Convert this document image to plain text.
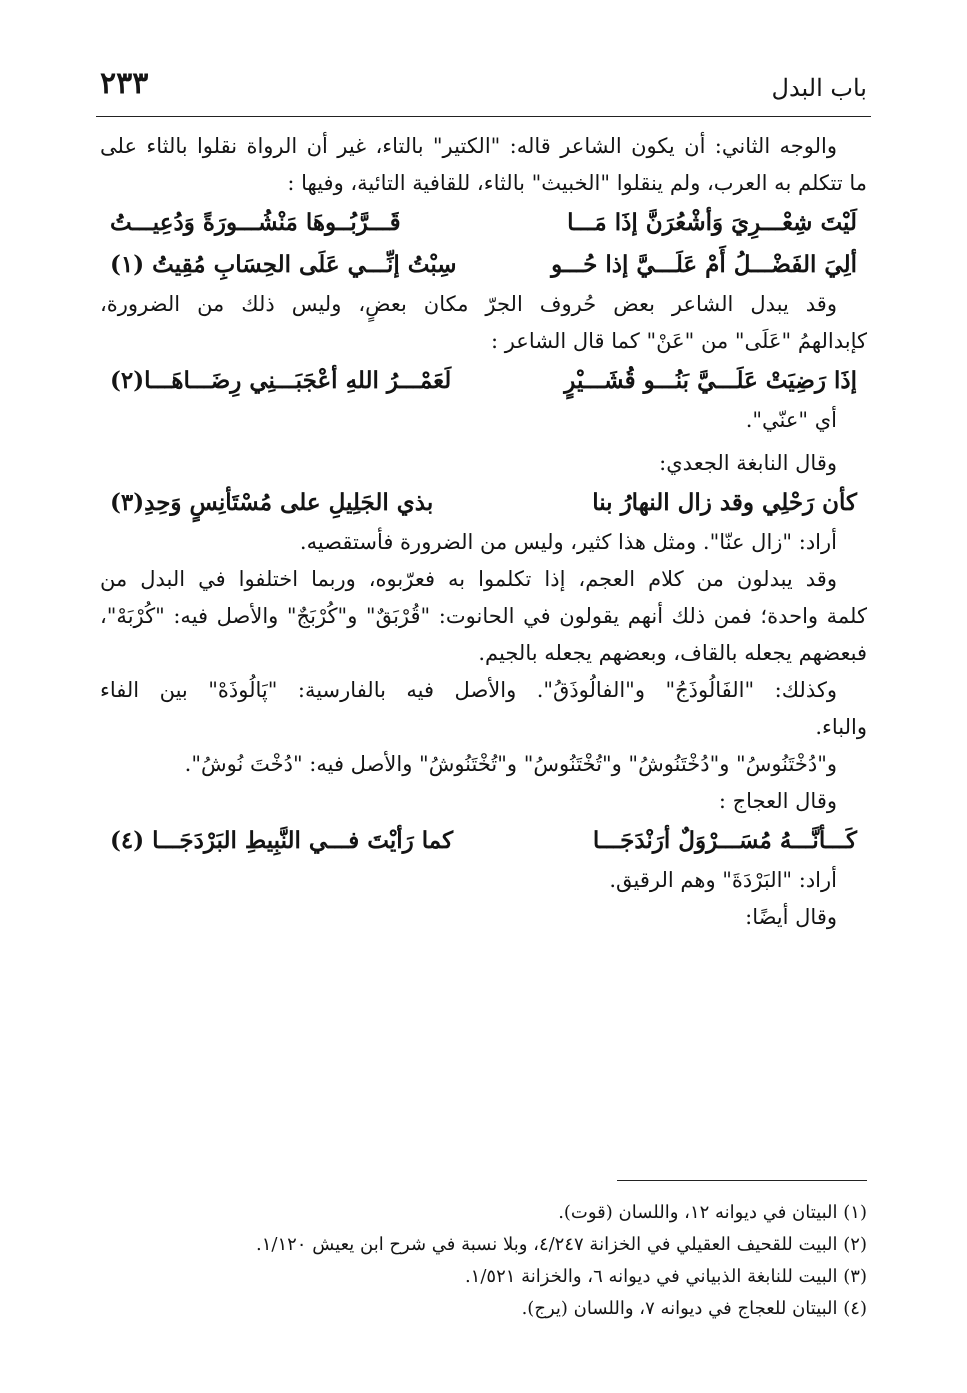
٢٣٣	باب البدل
والوجه الثاني: أن يكون الشاعر قاله: "الكتير" بالتاء، غير أن الرواة نقلوا بالثاء على
ما تتكلم به العرب، ولم ينقلوا "الخبيث" بالثاء، للقافية التائية، وفيها :
لَيْتَ شِعْـــرِيَ وَأشْعُرَنَّ إذَا مَـــا
قَـــرَّبُــوهَا مَنْشُـــورَةً وَدُعِيـــتُ
ألِيَ الفَضْـــلُ أَمْ عَلَـــيَّ إذا حُـــو
سِبْتُ إنِّـــي عَلَى الحِسَابِ مُقِيتُ (١)
وقد يبدل الشاعر بعض حُروف الجرّ مكان بعضٍ، وليس ذلك من الضرورة،
كإبدالهمُ "عَلَى" من "عَنْ" كما قال الشاعر :
إذَا رَضِيَتْ عَلَـــيَّ بَنُـــو قُشَـــيْرٍ
لَعَمْـــرُ اللهِ أعْجَبَـــنِي رِضَـــاهَـــا(٢)
أي "عنّي".
وقال النابغة الجعدي:
كأن رَحْلِي وقد زال النهارُ بنا
بذي الجَلِيلِ على مُسْتَأنِسٍ وَحِدِ(٣)
أراد: "زال عنّا". ومثل هذا كثير، وليس من الضرورة فأستقصيه.
وقد يبدلون من كلام العجم، إذا تكلموا به فعرّبوه، وربما اختلفوا في البدل من
كلمة واحدة؛ فمن ذلك أنهم يقولون في الحانوت: "قُرْبَقٌ" و"كُرْبَجٌ" والأصل فيه: "كُرْبَهْ"،
فبعضهم يجعله بالقاف، وبعضهم يجعله بالجيم.
وكذلك: "الفَالُوذَجُ" و"الفالُوذَقُ". والأصل فيه بالفارسية: "پَالُوذَهْ" بين الفاء
والباء.
و"دُخْتَنُوسُ" و"دُخْتَنُوشُ" و"تُخْتَنُوسُ" و"تُخْتَنُوشُ" والأصل فيه: "دُخْتَ نُوشُ".
وقال العجاج :
كَـــأنَّـــهُ مُسَـــرْوَلٌ أرَنْدَجَـــا
كما رَأيْتَ فـــي النَّبِيطِ البَرْدَجَـــا (٤)
أراد: "البَرْدَةَ" وهم الرقيق.
وقال أيضًا:
(١) البيتان في ديوانه ١٢، واللسان (قوت).
(٢) البيت للقحيف العقيلي في الخزانة ٤/٢٤٧، وبلا نسبة في شرح ابن يعيش ١/١٢٠.
(٣) البيت للنابغة الذبياني في ديوانه ٦، والخزانة ١/٥٢١.
(٤) البيتان للعجاج في ديوانه ٧، واللسان (يرج).
